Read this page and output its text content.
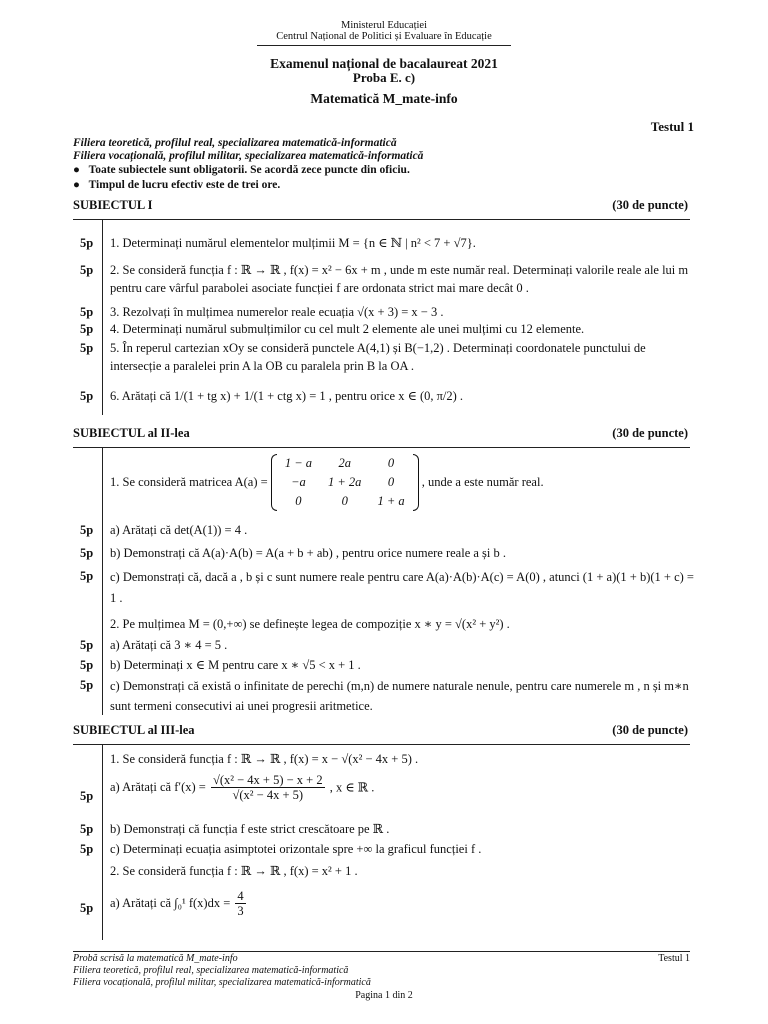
Ministerul Educației
Centrul Național de Politici și Evaluare în Educație
Examenul național de bacalaureat 2021
Proba E. c)
Matematică M_mate-info
Testul 1
Filiera teoretică, profilul real, specializarea matematică-informatică
Filiera vocațională, profilul militar, specializarea matematică-informatică
● Toate subiectele sunt obligatorii. Se acordă zece puncte din oficiu.
● Timpul de lucru efectiv este de trei ore.
SUBIECTUL I	(30 de puncte)
5p 1. Determinați numărul elementelor mulțimii M = {n ∈ ℕ | n² < 7 + √7}.
5p 2. Se consideră funcția f : ℝ → ℝ , f(x) = x² − 6x + m , unde m este număr real. Determinați valorile reale ale lui m pentru care vârful parabolei asociate funcției f are ordonata strict mai mare decât 0 .
5p 3. Rezolvați în mulțimea numerelor reale ecuația √(x + 3) = x − 3 .
5p 4. Determinați numărul submulțimilor cu cel mult 2 elemente ale unei mulțimi cu 12 elemente.
5p 5. În reperul cartezian xOy se consideră punctele A(4,1) și B(−1,2) . Determinați coordonatele punctului de intersecție a paralelei prin A la OB cu paralela prin B la OA .
5p 6. Arătați că 1/(1 + tg x) + 1/(1 + ctg x) = 1 , pentru orice x ∈ (0, π/2) .
SUBIECTUL al II-lea	(30 de puncte)
1. Se consideră matricea A(a) =
1 − a	2a	0
−a	1 + 2a	0
0	0	1 + a
, unde a este număr real.
5p a) Arătați că det(A(1)) = 4 .
5p b) Demonstrați că A(a)·A(b) = A(a + b + ab) , pentru orice numere reale a și b .
5p c) Demonstrați că, dacă a , b și c sunt numere reale pentru care A(a)·A(b)·A(c) = A(0) , atunci (1 + a)(1 + b)(1 + c) = 1 .
2. Pe mulțimea M = (0,+∞) se definește legea de compoziție x ∗ y = √(x² + y²) .
5p a) Arătați că 3 ∗ 4 = 5 .
5p b) Determinați x ∈ M pentru care x ∗ √5 < x + 1 .
5p c) Demonstrați că există o infinitate de perechi (m,n) de numere naturale nenule, pentru care numerele m , n și m∗n sunt termeni consecutivi ai unei progresii aritmetice.
SUBIECTUL al III-lea	(30 de puncte)
1. Se consideră funcția f : ℝ → ℝ , f(x) = x − √(x² − 4x + 5) .
5p
a) Arătați că $f'(x) = \frac{\text{√(x² − 4x + 5) − x + 2}}{\text{√(x² − 4x + 5)}}$ , x ∈ ℝ .
5p b) Demonstrați că funcția f este strict crescătoare pe ℝ .
5p c) Determinați ecuația asimptotei orizontale spre +∞ la graficul funcției f .
2. Se consideră funcția f : ℝ → ℝ , f(x) = x² + 1 .
5p a) Arătați că ∫₀¹ $f(x)dx = \frac{4}{3}$
Probă scrisă la matematică M_mate-info	Testul 1
Filiera teoretică, profilul real, specializarea matematică-informatică
Filiera vocațională, profilul militar, specializarea matematică-informatică
Pagina 1 din 2
